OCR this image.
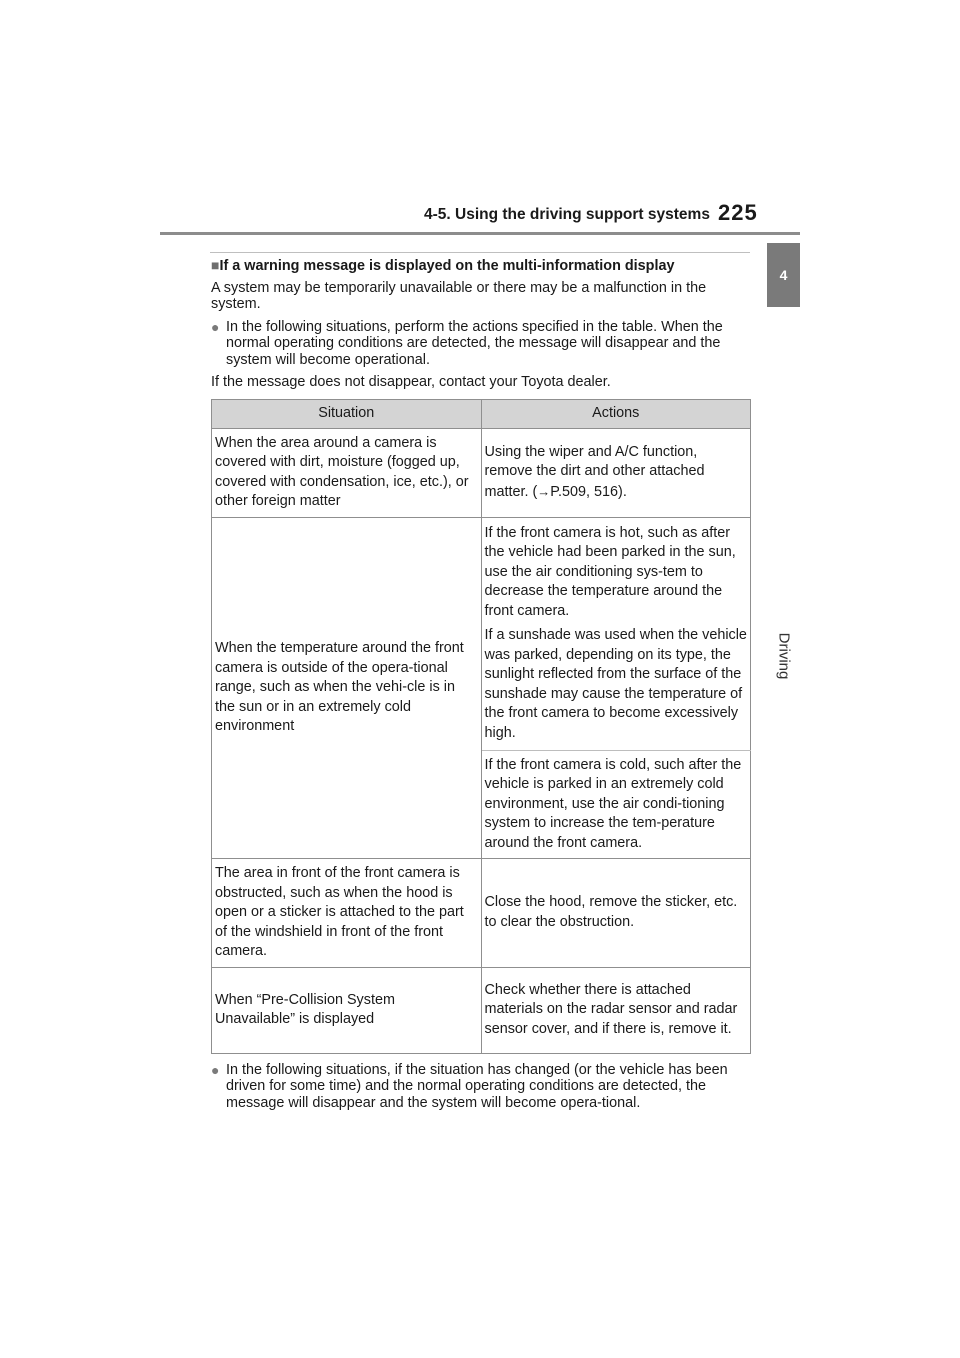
4-5. Using the driving support systems 225
4
Driving

■If a warning message is displayed on the multi-information display

A system may be temporarily unavailable or there may be a malfunction in the system.

● In the following situations, perform the actions specified in the table. When the normal operating conditions are detected, the message will disappear and the system will become operational.

If the message does not disappear, contact your Toyota dealer.

Situation	Actions
When the area around a camera is covered with dirt, moisture (fogged up, covered with condensation, ice, etc.), or other foreign matter	Using the wiper and A/C function, remove the dirt and other attached matter. (→P.509, 516).
When the temperature around the front camera is outside of the opera-tional range, such as when the vehi-cle is in the sun or in an extremely cold environment	If the front camera is hot, such as after the vehicle had been parked in the sun, use the air conditioning sys-tem to decrease the temperature around the front camera.
If a sunshade was used when the vehicle was parked, depending on its type, the sunlight reflected from the surface of the sunshade may cause the temperature of the front camera to become excessively high.

	If the front camera is cold, such after the vehicle is parked in an extremely cold environment, use the air condi-tioning system to increase the tem-perature around the front camera.
The area in front of the front camera is obstructed, such as when the hood is open or a sticker is attached to the part of the windshield in front of the front camera.	Close the hood, remove the sticker, etc. to clear the obstruction.
When “Pre-Collision System Unavailable” is displayed	Check whether there is attached materials on the radar sensor and radar sensor cover, and if there is, remove it.
● In the following situations, if the situation has changed (or the vehicle has been driven for some time) and the normal operating conditions are detected, the message will disappear and the system will become opera-tional.
